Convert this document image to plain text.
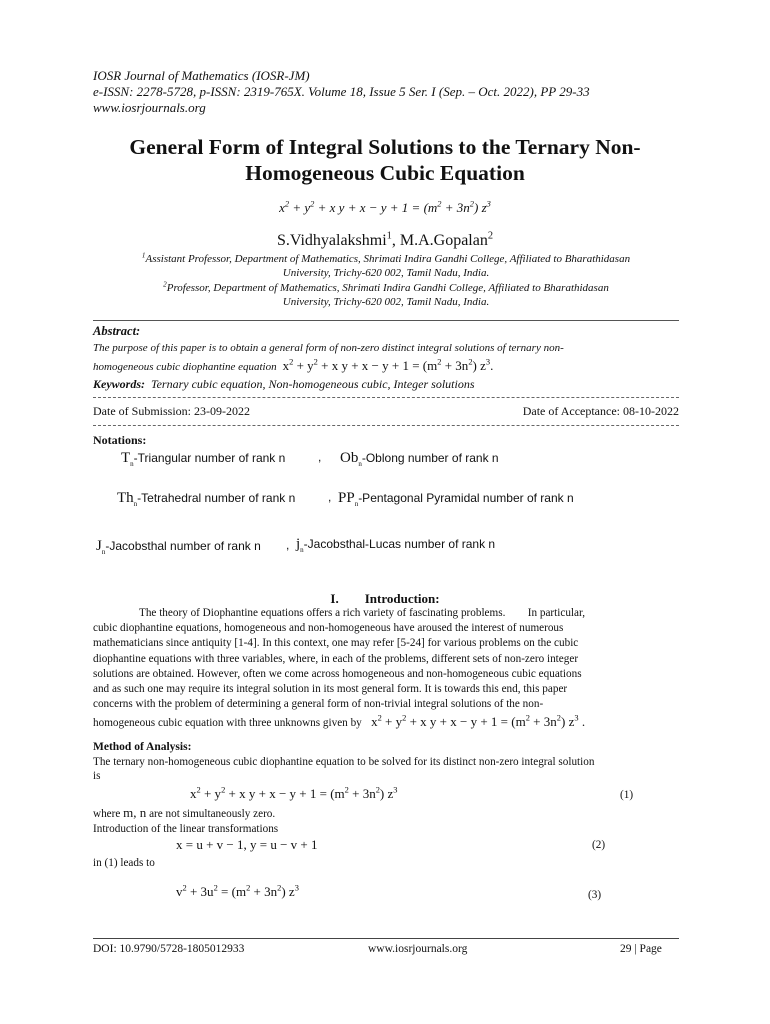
IOSR Journal of Mathematics (IOSR-JM)
e-ISSN: 2278-5728, p-ISSN: 2319-765X. Volume 18, Issue 5 Ser. I (Sep. – Oct. 2022), PP 29-33
www.iosrjournals.org
General Form of Integral Solutions to the Ternary Non-
Homogeneous Cubic Equation
$x^2 + y^2 + x$ $y + x - y + 1 = (m^2 + 3n^2)$ $z^3$
S.Vidhyalakshmi$^1$, M.A.Gopalan$^2$
$^1$Assistant Professor, Department of Mathematics, Shrimati Indira Gandhi College, Affiliated to Bharathidasan
University, Trichy-620 002, Tamil Nadu, India.
$^2$Professor, Department of Mathematics, Shrimati Indira Gandhi College, Affiliated to Bharathidasan
University, Trichy-620 002, Tamil Nadu, India.
Abstract:
The purpose of this paper is to obtain a general form of non-zero distinct integral solutions of ternary non-
homogeneous cubic diophantine equation  $x^2 + y^2 + x$ $y + x - y + 1 = (m^2 + 3n^2)$ $z^3$.
Keywords: Ternary cubic equation, Non-homogeneous cubic, Integer solutions
Date of Submission: 23-09-2022	Date of Acceptance: 08-10-2022
Notations:
$T_n$-Triangular number of rank n	, $Ob_n$-Oblong number of rank n
$Th_n$-Tetrahedral number of rank n	, $PP_n$-Pentagonal Pyramidal number of rank n
$J_n$-Jacobsthal number of rank n , $j_n-Jacobsthal$-Lucas number of rank n
I.        Introduction:
The theory of Diophantine equations offers a rich variety of fascinating problems.        In particular,
cubic diophantine equations, homogeneous and non-homogeneous have aroused the interest of numerous
mathematicians since antiquity [1-4]. In this context, one may refer [5-24] for various problems on the cubic
diophantine equations with three variables, where, in each of the problems, different sets of non-zero integer
solutions are obtained. However, often we come across homogeneous and non-homogeneous cubic equations
and as such one may require its integral solution in its most general form. It is towards this end, this paper
concerns with the problem of determining a general form of non-trivial integral solutions of the non-
homogeneous cubic equation with three unknowns given by   $x^2 + y^2 + x$ $y + x - y + 1 = (m^2 + 3n^2)$ $z^3$ .
Method of Analysis:
The ternary non-homogeneous cubic diophantine equation to be solved for its distinct non-zero integral solution
is
$x^2 + y^2 + x$ $y + x - y + 1 = (m^2 + 3n^2)$ $z^3$	(1)
where m, n are not simultaneously zero.
Introduction of the linear transformations
x = u + v − 1, y = u − v + 1	(2)
in (1) leads to
$v^2 + 3u^2 = (m^2 + 3n^2)$ $z^3$
(3)
DOI: 10.9790/5728-1805012933	www.iosrjournals.org	29 | Page
